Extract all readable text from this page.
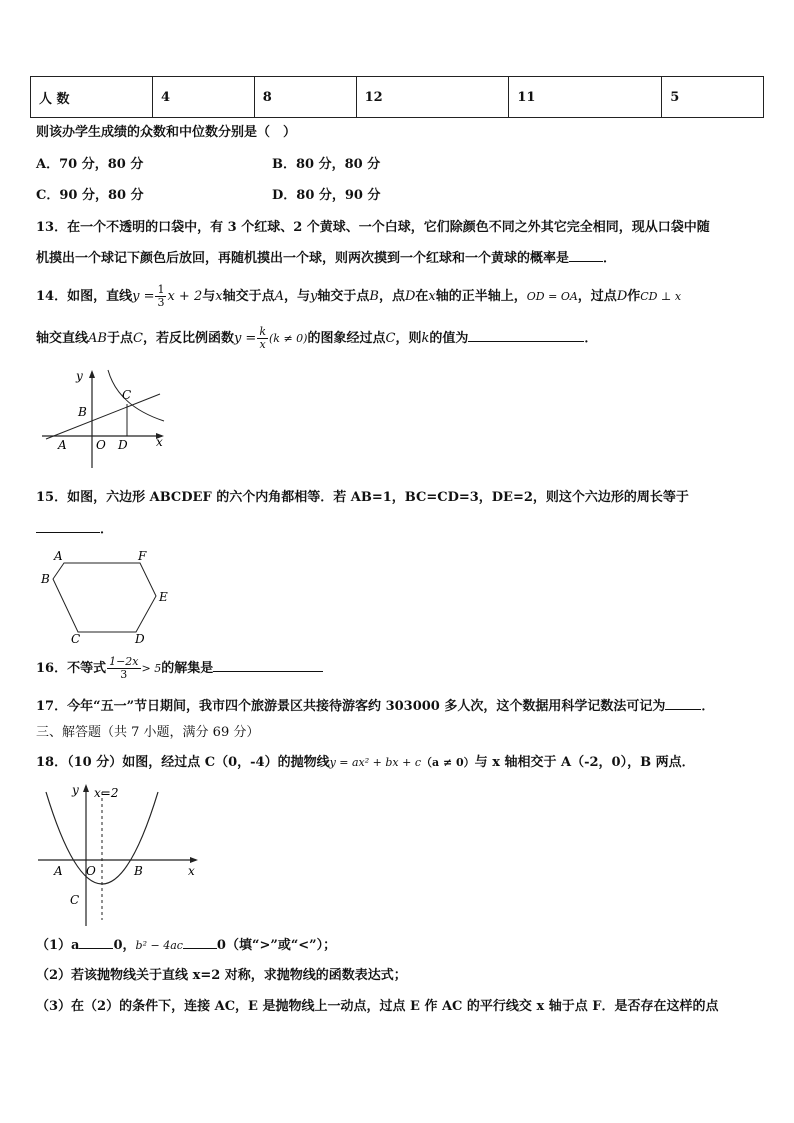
人 数	4	8	12	11	5
则该办学生成绩的众数和中位数分别是（　）
A．70 分，80 分	B．80 分，80 分
C．90 分，80 分	D．80 分，90 分
13．在一个不透明的口袋中，有 3 个红球、2 个黄球、一个白球，它们除颜色不同之外其它完全相同，现从口袋中随
机摸出一个球记下颜色后放回，再随机摸出一个球，则两次摸到一个红球和一个黄球的概率是	．
14．如图，直线$y = \frac{1}{3}$ x + 2与x轴交于点A，与y轴交于点B，点D在x轴的正半轴上，OD = OA，过点D作CD ⊥ x
轴交直线AB于点C，若反比例函数$y = \frac{k}{x} (k \ne 0)$的图象经过点C，则k的值为	．
y
x
C
B
A O D
15．如图，六边形 ABCDEF 的六个内角都相等．若 AB=1，BC=CD=3，DE=2，则这个六边形的周长等于
．
A	F
B
E
C	D
16．不等式 $\frac{1-2x}{3} > 5$的解集是
17．今年“五一”节日期间，我市四个旅游景区共接待游客约 303000 多人次，这个数据用科学记数法可记为	．
三、解答题（共 7 小题，满分 69 分）
18．（10 分）如图，经过点 C（0，-4）的抛物线y = ax² + bx + c（a ≠ 0）与 x 轴相交于 A（-2，0），B 两点．
y x=2
A O	B	x
C
（1）a	0，b² − 4ac	0（填“>”或“<”）；
（2）若该抛物线关于直线 x=2 对称，求抛物线的函数表达式；
（3）在（2）的条件下，连接 AC，E 是抛物线上一动点，过点 E 作 AC 的平行线交 x 轴于点 F．是否存在这样的点
